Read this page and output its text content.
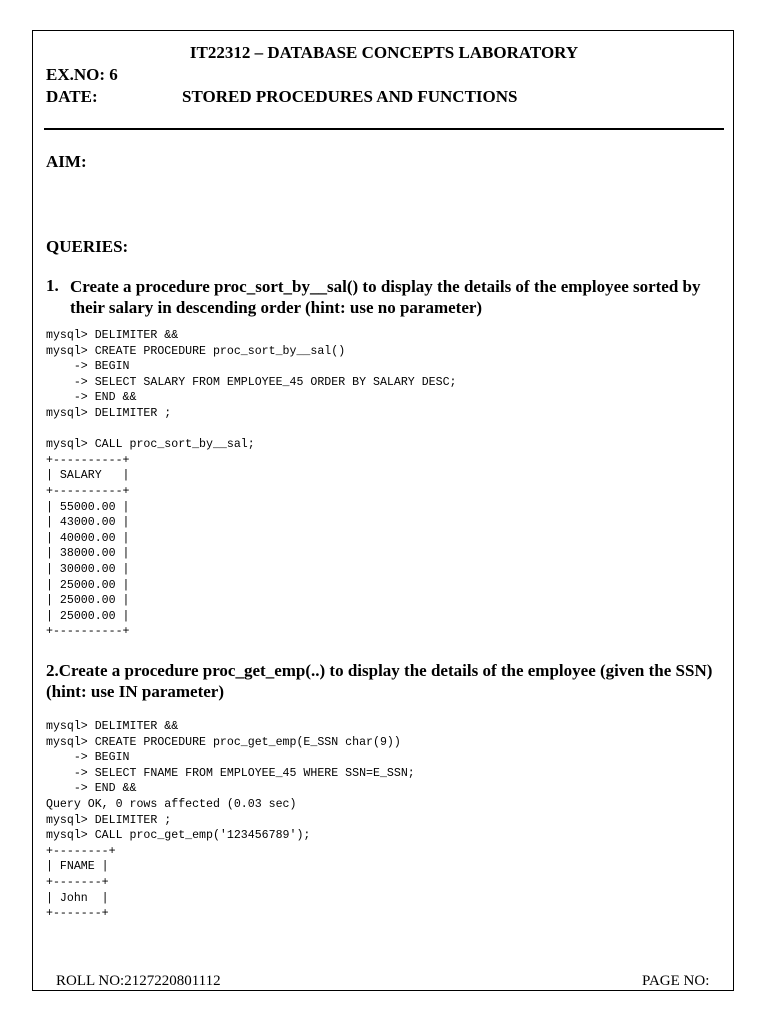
IT22312 – DATABASE CONCEPTS LABORATORY
EX.NO: 6
DATE:	STORED PROCEDURES AND FUNCTIONS
AIM:
QUERIES:
1. Create a procedure proc_sort_by__sal() to display the details of the employee sorted by their salary in descending order (hint: use no parameter)
mysql> DELIMITER &&
mysql> CREATE PROCEDURE proc_sort_by__sal()
-> BEGIN
-> SELECT SALARY FROM EMPLOYEE_45 ORDER BY SALARY DESC;
-> END &&
mysql> DELIMITER ;

mysql> CALL proc_sort_by__sal;
+----------+
| SALARY   |
+----------+
| 55000.00 |
| 43000.00 |
| 40000.00 |
| 38000.00 |
| 30000.00 |
| 25000.00 |
| 25000.00 |
| 25000.00 |
+----------+
2.Create a procedure proc_get_emp(..) to display the details of the employee (given the SSN) (hint: use IN parameter)
mysql> DELIMITER &&
mysql> CREATE PROCEDURE proc_get_emp(E_SSN char(9))
-> BEGIN
-> SELECT FNAME FROM EMPLOYEE_45 WHERE SSN=E_SSN;
-> END &&
Query OK, 0 rows affected (0.03 sec)
mysql> DELIMITER ;
mysql> CALL proc_get_emp('123456789');
+--------+
| FNAME |
+-------+
| John  |
+-------+
ROLL NO:2127220801112	PAGE NO:
